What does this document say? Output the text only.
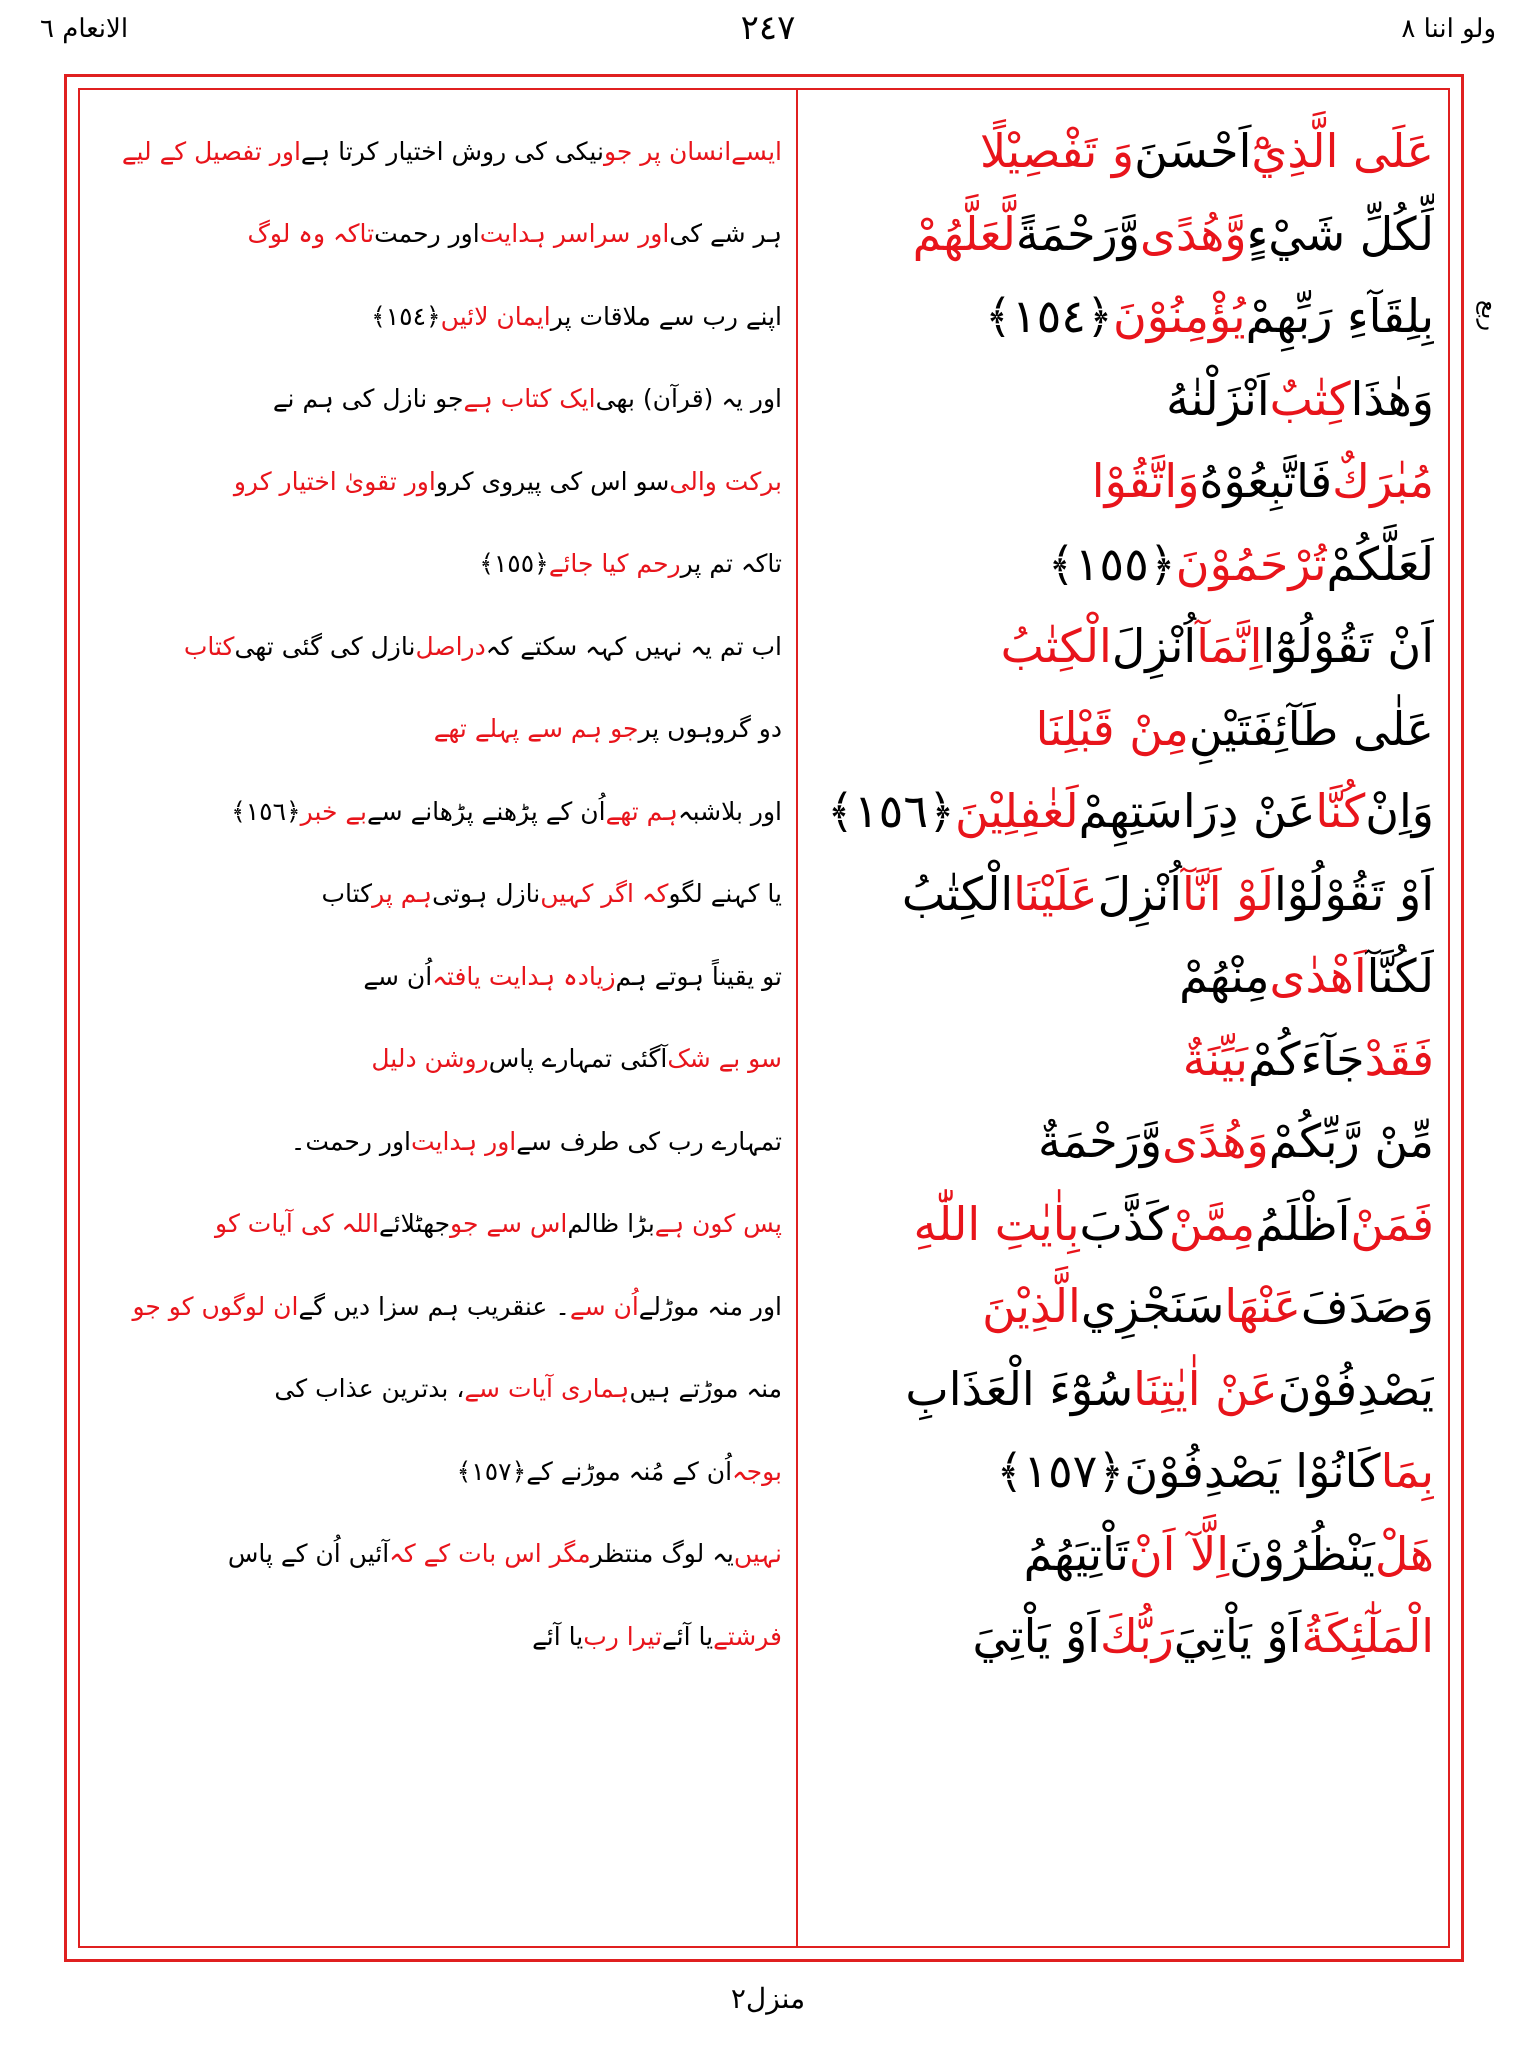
الانعام ٦	٢٤٧	ولو اننا ٨
ربع
عَلَى الَّذِيْٓ
اَحْسَنَ
وَ تَفْصِيْلًا
لِّكُلِّ شَيْءٍ
وَّهُدًى
وَّرَحْمَةً
لَّعَلَّهُمْ
بِلِقَآءِ رَبِّهِمْ
يُؤْمِنُوْنَ
﴿١٥٤﴾
وَهٰذَا
كِتٰبٌ
اَنْزَلْنٰهُ
مُبٰرَكٌ
فَاتَّبِعُوْهُ
وَاتَّقُوْا
لَعَلَّكُمْ
تُرْحَمُوْنَ
﴿١٥٥﴾
اَنْ تَقُوْلُوْٓا
اِنَّمَآ
اُنْزِلَ
الْكِتٰبُ
عَلٰى طَآئِفَتَيْنِ
مِنْ قَبْلِنَا
وَاِنْ
كُنَّا
عَنْ دِرَاسَتِهِمْ
لَغٰفِلِيْنَ
﴿١٥٦﴾
اَوْ تَقُوْلُوْا
لَوْ اَنَّآ
اُنْزِلَ
عَلَيْنَا
الْكِتٰبُ
لَكُنَّآ
اَهْدٰى
مِنْهُمْ
فَقَدْ
جَآءَكُمْ
بَيِّنَةٌ
مِّنْ رَّبِّكُمْ
وَهُدًى
وَّرَحْمَةٌ
فَمَنْ
اَظْلَمُ
مِمَّنْ
كَذَّبَ
بِاٰيٰتِ اللّٰهِ
وَصَدَفَ
عَنْهَا
سَنَجْزِي
الَّذِيْنَ
يَصْدِفُوْنَ
عَنْ اٰيٰتِنَا
سُوْٓءَ الْعَذَابِ
بِمَا
كَانُوْا يَصْدِفُوْنَ
﴿١٥٧﴾
هَلْ
يَنْظُرُوْنَ
اِلَّآ اَنْ
تَاْتِيَهُمُ
الْمَلٰٓئِكَةُ
اَوْ يَاْتِيَ
رَبُّكَ
اَوْ يَاْتِيَ
ایسے
انسان پر جو
نیکی کی روش اختیار کرتا ہے
اور تفصیل کے لیے
ہر شے کی
اور سراسر ہدایت
اور رحمت
تاکہ وہ لوگ
اپنے رب سے ملاقات پر
ایمان لائیں
﴿١٥٤﴾
اور یہ (قرآن) بھی
ایک کتاب ہے
جو نازل کی ہم نے
برکت والی
سو اس کی پیروی کرو
اور تقویٰ اختیار کرو
تاکہ تم پر
رحم کیا جائے
﴿١٥٥﴾
اب تم یہ نہیں کہہ سکتے کہ
دراصل
نازل کی گئی تھی
کتاب
دو گروہوں پر
جو ہم سے پہلے تھے
اور بلاشبہ
ہم تھے
اُن کے پڑھنے پڑھانے سے
بے خبر
﴿١٥٦﴾
یا کہنے لگو
کہ اگر کہیں
نازل ہوتی
ہم پر
کتاب
تو یقیناً ہوتے ہم
زیادہ ہدایت یافتہ
اُن سے
سو بے شک
آگئی تمہارے پاس
روشن دلیل
تمہارے رب کی طرف سے
اور ہدایت
اور رحمت۔
پس کون ہے
بڑا ظالم
اس سے جو
جھٹلائے
اللہ کی آیات کو
اور منہ موڑلے
اُن سے
۔ عنقریب ہم سزا دیں گے
ان لوگوں کو جو
منہ موڑتے ہیں
ہماری آیات سے
، بدترین عذاب کی
بوجہ
اُن کے مُنہ موڑنے کے
﴿١٥٧﴾
نہیں
یہ لوگ منتظر
مگر اس بات کے کہ
آئیں اُن کے پاس
فرشتے
یا آئے
تیرا رب
یا آئے
منزل٢
